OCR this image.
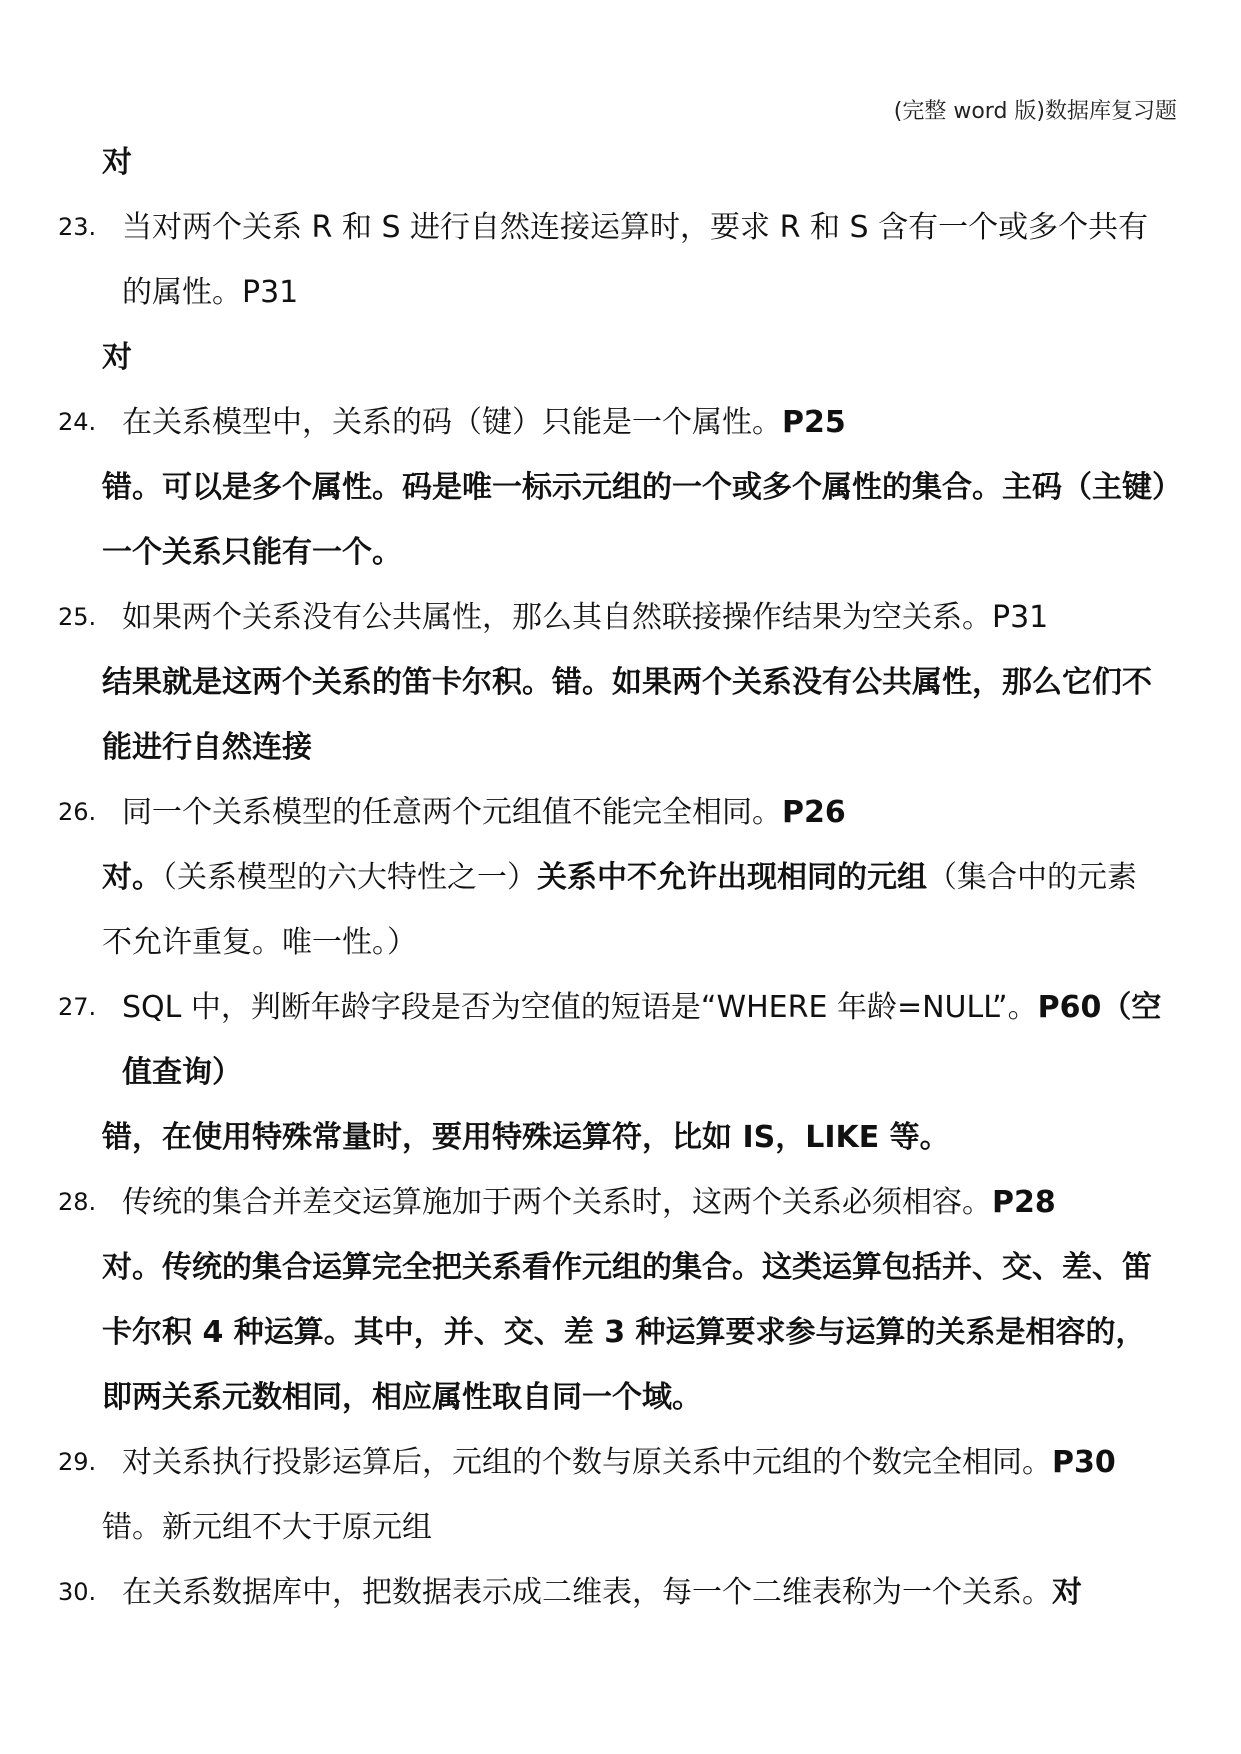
(完整 word 版)数据库复习题
对
23. 当对两个关系 R 和 S 进行自然连接运算时，要求 R 和 S 含有一个或多个共有
的属性。P31
对
24. 在关系模型中，关系的码（键）只能是一个属性。P25
错。可以是多个属性。码是唯一标示元组的一个或多个属性的集合。主码（主键）
一个关系只能有一个。
25. 如果两个关系没有公共属性，那么其自然联接操作结果为空关系。P31
结果就是这两个关系的笛卡尔积。错。如果两个关系没有公共属性，那么它们不
能进行自然连接
26. 同一个关系模型的任意两个元组值不能完全相同。P26
对。（关系模型的六大特性之一）关系中不允许出现相同的元组（集合中的元素
不允许重复。唯一性。）
27. SQL 中，判断年龄字段是否为空值的短语是“WHERE 年龄=NULL”。P60（空
值查询）
错，在使用特殊常量时，要用特殊运算符，比如 IS，LIKE 等。
28. 传统的集合并差交运算施加于两个关系时，这两个关系必须相容。P28
对。传统的集合运算完全把关系看作元组的集合。这类运算包括并、交、差、笛
卡尔积 4 种运算。其中，并、交、差 3 种运算要求参与运算的关系是相容的，
即两关系元数相同，相应属性取自同一个域。
29. 对关系执行投影运算后，元组的个数与原关系中元组的个数完全相同。P30
错。新元组不大于原元组
30. 在关系数据库中，把数据表示成二维表，每一个二维表称为一个关系。对
